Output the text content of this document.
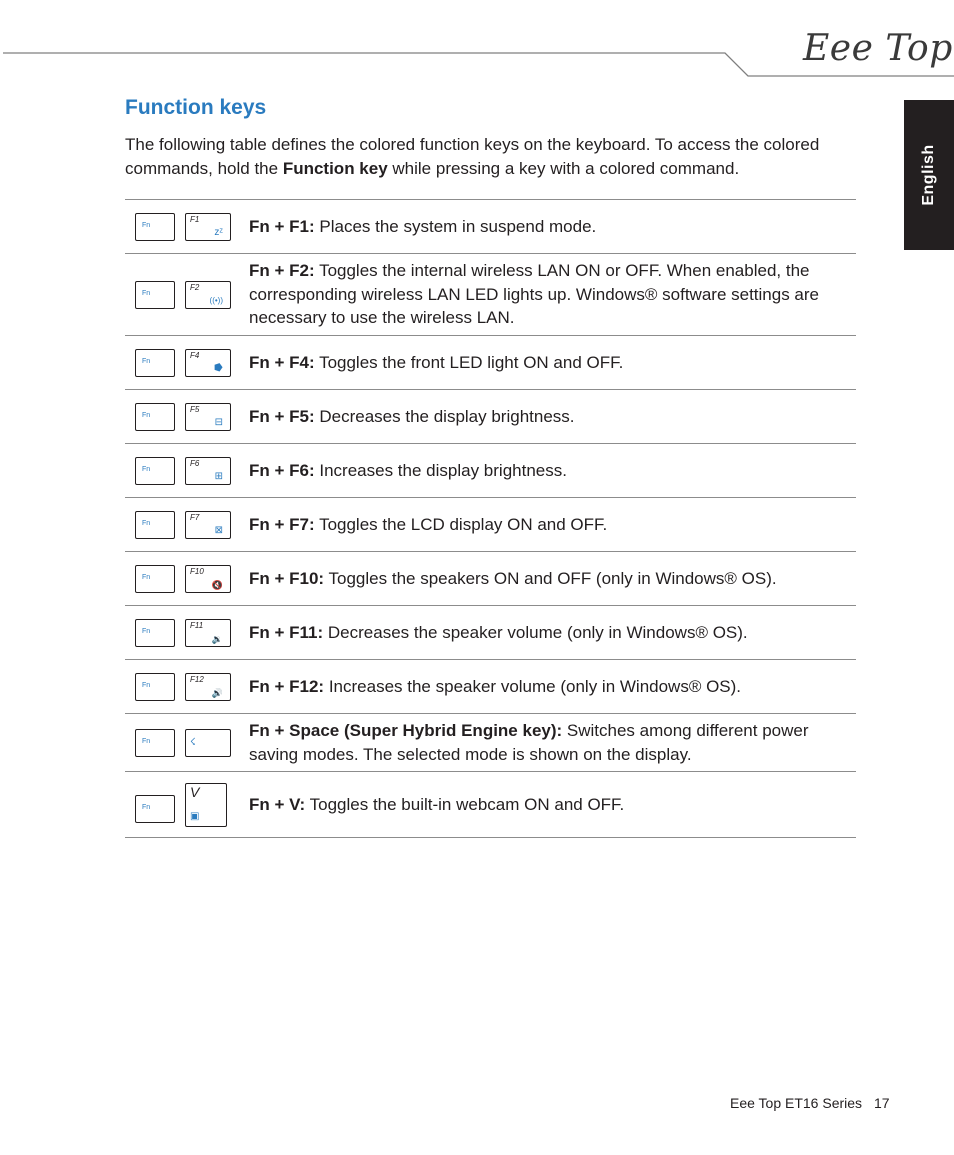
Eee Top
English
Function keys

The following table defines the colored function keys on the keyboard. To access the colored commands, hold the Function key while pressing a key with a colored command.

Fn
F1
zᶻ Fn + F1: Places the system in suspend mode.
Fn
F2
((•))
Fn + F2: Toggles the internal wireless LAN ON or OFF. When enabled, the corresponding wireless LAN LED lights up. Windows® software settings are necessary to use the wireless LAN.
Fn
F4
⭓ Fn + F4: Toggles the front LED light ON and OFF.
Fn
F5
⊟ Fn + F5: Decreases the display brightness.
Fn
F6
⊞ Fn + F6: Increases the display brightness.
Fn
F7
⊠ Fn + F7: Toggles the LCD display ON and OFF.
Fn
F10
🔇 Fn + F10: Toggles the speakers ON and OFF (only in Windows® OS).
Fn
F11
🔉 Fn + F11: Decreases the speaker volume (only in Windows® OS).
Fn
F12
🔊 Fn + F12: Increases the speaker volume (only in Windows® OS).
Fn	☇
Fn + Space (Super Hybrid Engine key): Switches among different power saving modes. The selected mode is shown on the display.
Fn
V
▣
Fn + V: Toggles the built-in webcam ON and OFF.
Eee Top ET16 Series 17
